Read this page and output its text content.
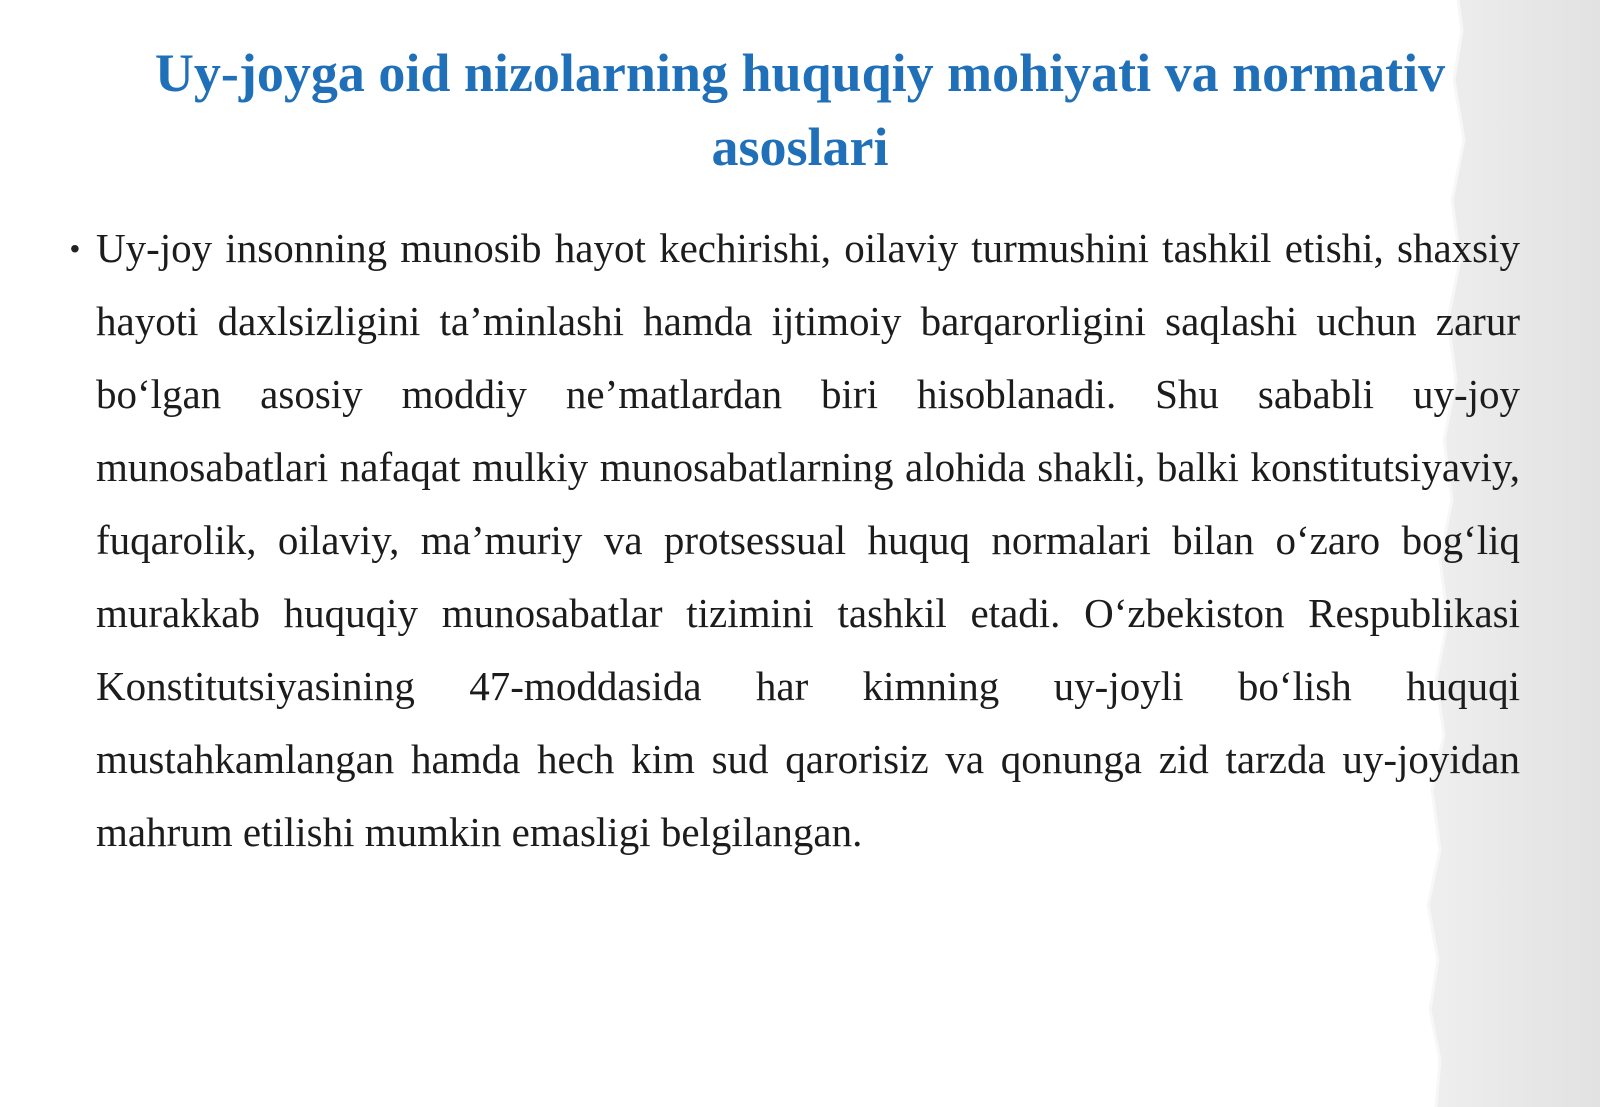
Uy-joyga oid nizolarning huquqiy mohiyati va normativ asoslari
• Uy-joy insonning munosib hayot kechirishi, oilaviy turmushini tashkil etishi, shaxsiy hayoti daxlsizligini ta’minlashi hamda ijtimoiy barqarorligini saqlashi uchun zarur bo‘lgan asosiy moddiy ne’matlardan biri hisoblanadi. Shu sababli uy-joy munosabatlari nafaqat mulkiy munosabatlarning alohida shakli, balki konstitutsiyaviy, fuqarolik, oilaviy, ma’muriy va protsessual huquq normalari bilan o‘zaro bog‘liq murakkab huquqiy munosabatlar tizimini tashkil etadi. O‘zbekiston Respublikasi Konstitutsiyasining 47-moddasida har kimning uy-joyli bo‘lish huquqi mustahkamlangan hamda hech kim sud qarorisiz va qonunga zid tarzda uy-joyidan mahrum etilishi mumkin emasligi belgilangan.
